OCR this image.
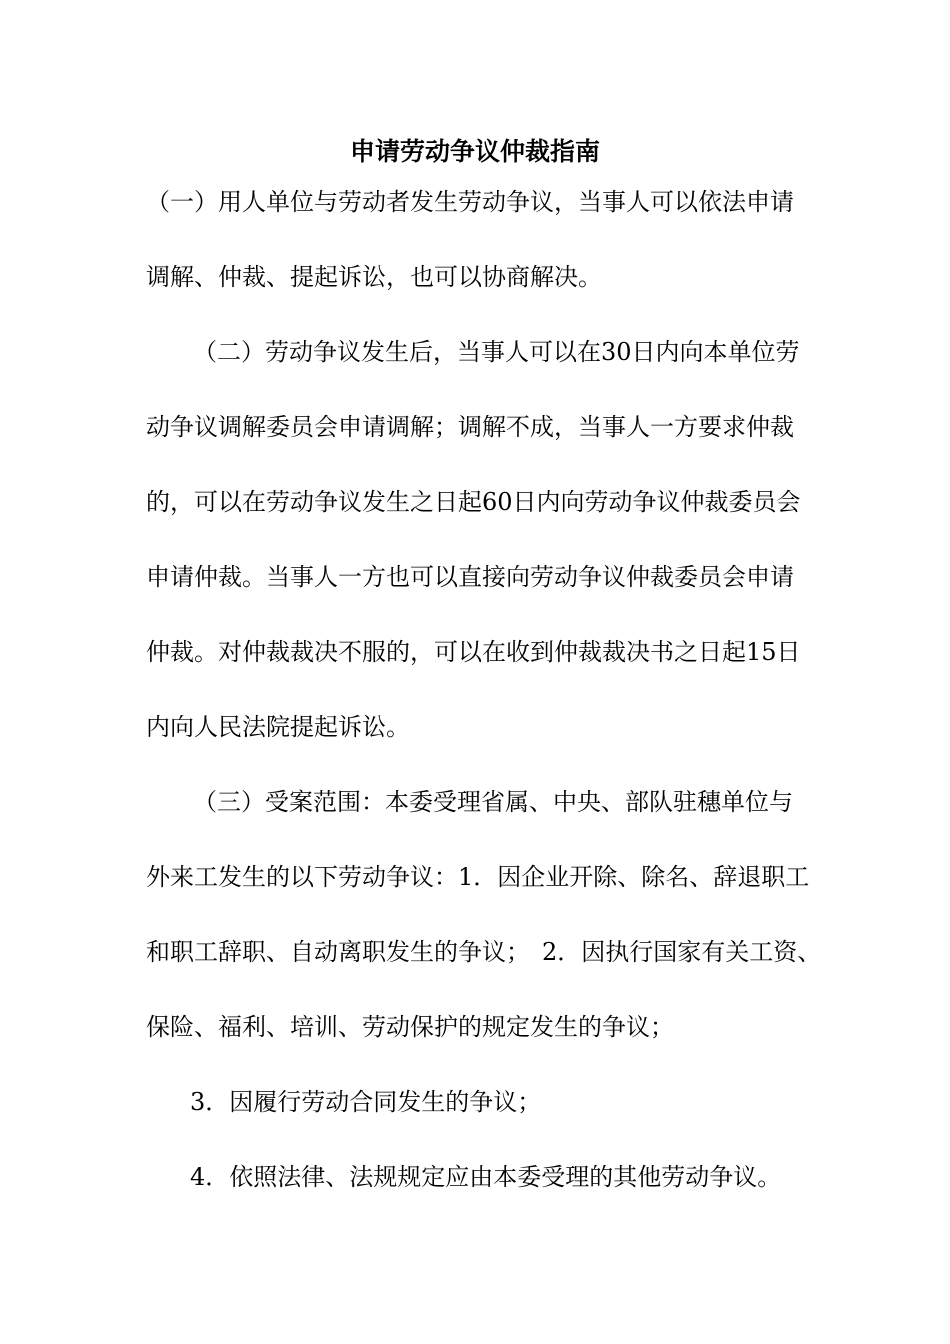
申请劳动争议仲裁指南
（一）用人单位与劳动者发生劳动争议，当事人可以依法申请
调解、仲裁、提起诉讼，也可以协商解决。
（二）劳动争议发生后，当事人可以在30日内向本单位劳
动争议调解委员会申请调解；调解不成，当事人一方要求仲裁
的，可以在劳动争议发生之日起60日内向劳动争议仲裁委员会
申请仲裁。当事人一方也可以直接向劳动争议仲裁委员会申请
仲裁。对仲裁裁决不服的，可以在收到仲裁裁决书之日起15日
内向人民法院提起诉讼。
（三）受案范围：本委受理省属、中央、部队驻穗单位与
外来工发生的以下劳动争议：1．因企业开除、除名、辞退职工
和职工辞职、自动离职发生的争议；　2．因执行国家有关工资、
保险、福利、培训、劳动保护的规定发生的争议；
3．因履行劳动合同发生的争议；
4．依照法律、法规规定应由本委受理的其他劳动争议。
